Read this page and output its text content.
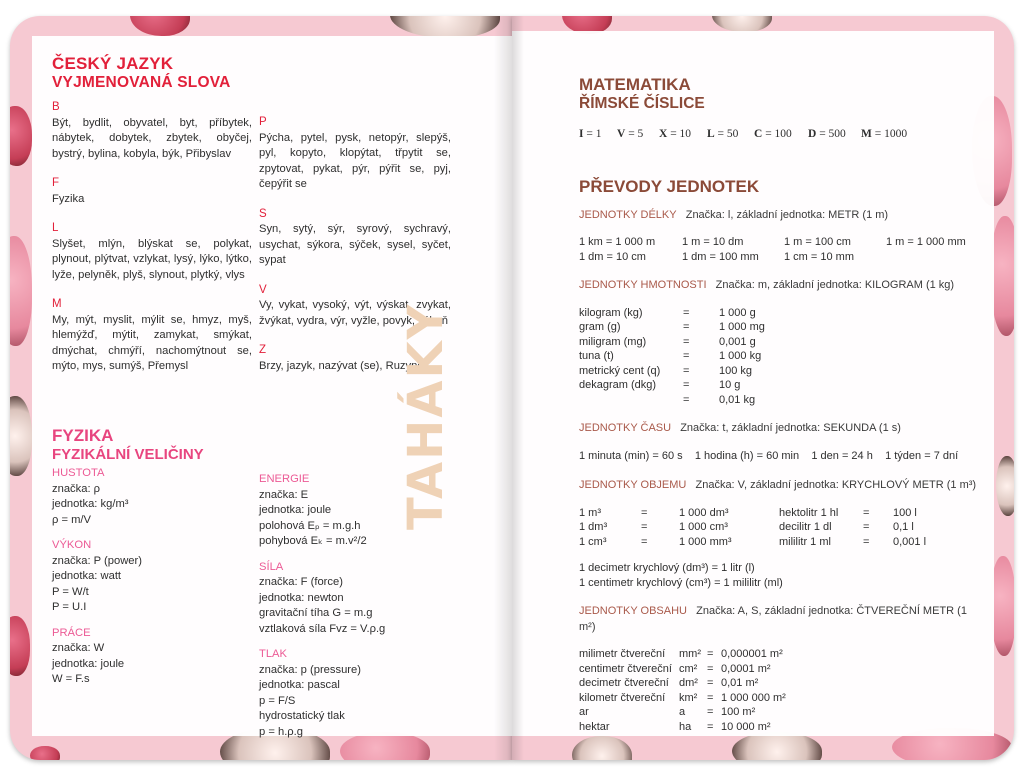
ČESKÝ JAZYK
VYJMENOVANÁ SLOVA
B
Být, bydlit, obyvatel, byt, příbytek, nábytek, dobytek, zbytek, obyčej, bystrý, bylina, kobyla, býk, Přibyslav
F
Fyzika
L
Slyšet, mlýn, blýskat se, polykat, plynout, plýtvat, vzlykat, lysý, lýko, lýtko, lyže, pelyněk, plyš, slynout, plytký, vlys
M
My, mýt, myslit, mýlit se, hmyz, myš, hlemýžď, mýtit, zamykat, smýkat, dmýchat, chmýří, nachomýtnout se, mýto, mys, sumýš, Přemysl
P
Pýcha, pytel, pysk, netopýr, slepýš, pyl, kopyto, klopýtat, třpytit se, zpytovat, pykat, pýr, pýřit se, pyj, čepýřit se
S
Syn, sytý, sýr, syrový, sychravý, usychat, sýkora, sýček, sysel, syčet, sypat
V
Vy, vykat, vysoký, výt, výskat, zvykat, žvýkat, vydra, výr, vyžle, povyk, výheň
Z
Brzy, jazyk, nazývat (se), Ruzyně
FYZIKA
FYZIKÁLNÍ VELIČINY
HUSTOTA
značka: ρ
jednotka: kg/m³
ρ = m/V
VÝKON
značka: P (power)
jednotka: watt
P = W/t
P = U.I
PRÁCE
značka: W
jednotka: joule
W = F.s
ENERGIE
značka: E
jednotka: joule
polohová Eₚ = m.g.h
pohybová Eₖ = m.v²/2
SÍLA
značka: F (force)
jednotka: newton
gravitační tíha G = m.g
vztlaková síla Fvz = V.ρ.g
TLAK
značka: p (pressure)
jednotka: pascal
p = F/S
hydrostatický tlak
p = h.ρ.g
TAHÁKY
MATEMATIKA
ŘÍMSKÉ ČÍSLICE
I = 1	V = 5	X = 10	L = 50	C = 100	D = 500	M = 1000
PŘEVODY JEDNOTEK
JEDNOTKY DÉLKY Značka: l, základní jednotka: METR (1 m)
1 km = 1 000 m	1 m = 10 dm	1 m = 100 cm	1 m = 1 000 mm
1 dm = 10 cm	1 dm = 100 mm	1 cm = 10 mm	
JEDNOTKY HMOTNOSTI Značka: m, základní jednotka: KILOGRAM (1 kg)
kilogram (kg)	=	1 000 g
gram (g)	=	1 000 mg
miligram (mg)	=	0,001 g
tuna (t)	=	1 000 kg
metrický cent (q)	=	100 kg
dekagram (dkg)	=	10 g
	=	0,01 kg
JEDNOTKY ČASU Značka: t, základní jednotka: SEKUNDA (1 s)
1 minuta (min) = 60 s 1 hodina (h) = 60 min 1 den = 24 h 1 týden = 7 dní
JEDNOTKY OBJEMU Značka: V, základní jednotka: KRYCHLOVÝ METR (1 m³)
1 m³	=	1 000 dm³	hektolitr 1 hl	=	100 l
1 dm³	=	1 000 cm³	decilitr 1 dl	=	0,1 l
1 cm³	=	1 000 mm³	mililitr 1 ml	=	0,001 l
1 decimetr krychlový (dm³) = 1 litr (l)
1 centimetr krychlový (cm³) = 1 mililitr (ml)
JEDNOTKY OBSAHU Značka: A, S, základní jednotka: ČTVEREČNÍ METR (1 m²)
milimetr čtvereční	mm²	=	0,000001 m²
centimetr čtvereční	cm²	=	0,0001 m²
decimetr čtvereční	dm²	=	0,01 m²
kilometr čtvereční	km²	=	1 000 000 m²
ar	a	=	100 m²
hektar	ha	=	10 000 m²
